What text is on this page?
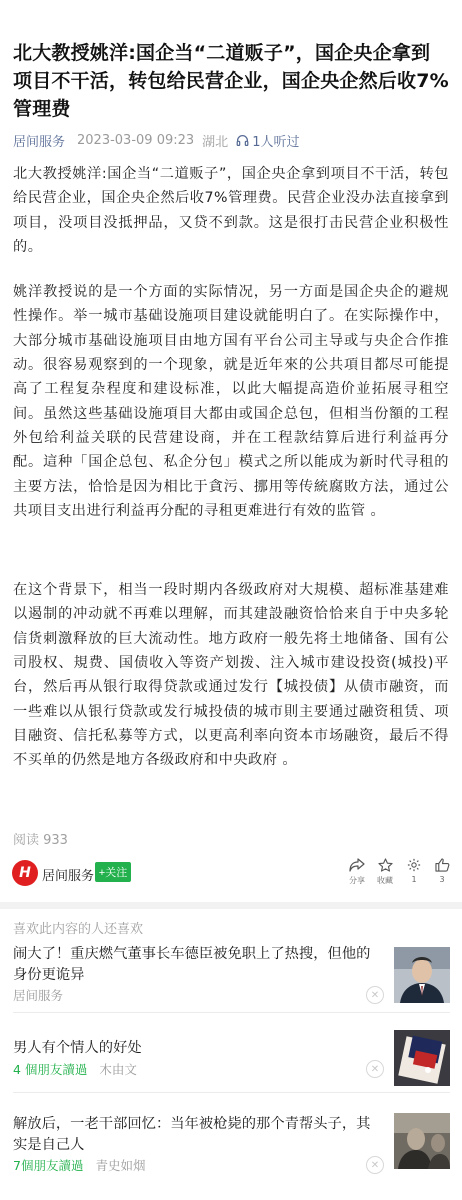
北大教授姚洋:国企当“二道贩子”，国企央企拿到项目不干活，转包给民营企业，国企央企然后收7%管理费
居间服务 2023-03-09 09:23 湖北 1人听过

北大教授姚洋:国企当“二道贩子”，国企央企拿到项目不干活，转包给民营企业，国企央企然后收7%管理费。民营企业没办法直接拿到项目，没项目没抵押品，又贷不到款。这是很打击民营企业积极性的。

姚洋教授说的是一个方面的实际情况，另一方面是国企央企的避规性操作。举一城市基础设施项目建设就能明白了。在实际操作中，大部分城市基础设施项目由地方国有平台公司主导或与央企合作推动。很容易观察到的一个现象，就是近年來的公共項目都尽可能提高了工程复杂程度和建设标准，以此大幅提高造价並拓展寻租空间。虽然这些基础设施項目大都由或国企总包，但相当份額的工程外包给利益关联的民营建设商，并在工程款结算后进行利益再分配。這种「国企总包、私企分包」模式之所以能成为新时代寻租的主要方法，恰恰是因为相比于貪污、挪用等传統腐敗方法，通过公共项目支出进行利益再分配的寻租更难进行有效的监管 。

在这个背景下，相当一段时期内各级政府对大規模、超标准基建难以遏制的冲动就不再难以理解，而其建設融资恰恰来自于中央多轮信货刺激释放的巨大流动性。地方政府一般先将土地储备、国有公司股权、規费、国债收入等资产划拨、注入城市建设投资(城投)平台，然后再从银行取得贷款或通过发行【城投债】从债市融资，而一些难以从银行贷款或发行城投债的城市則主要通过融资租赁、项目融资、信托私募等方式，以更高利率向资本市场融资，最后不得不买单的仍然是地方各级政府和中央政府 。

阅读 933
H 居间服务 +关注
分享	收藏	1	3
喜欢此内容的人还喜欢
闹大了！重庆燃气董事长车德臣被免职上了热搜，但他的身份更诡异
居间服务	✕
男人有个情人的好处
4 個朋友讀過 木由文	✕
解放后，一老干部回忆：当年被枪毙的那个青帮头子，其实是自己人
7個朋友讀過 青史如烟	✕
